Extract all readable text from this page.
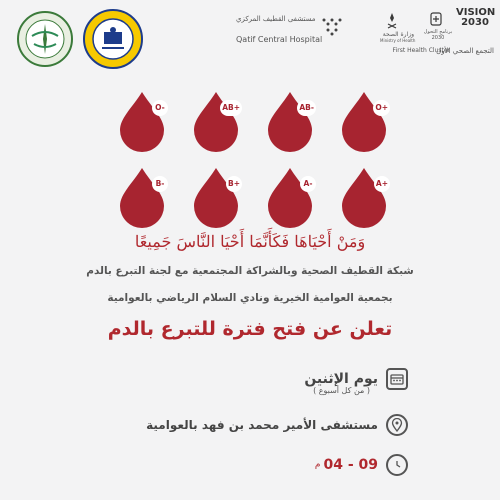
مستشفى القطيف المركزي
Qatif Central Hospital
وزارة الصحة
Ministry of Health
برنامج التحول
2030
VISION 2030
التجمع الصحي الأول
First Health Cluster
O-	AB+	AB-	O+
B-	B+	A-	A+
وَمَنْ أَحْيَاهَا فَكَأَنَّمَا أَحْيَا النَّاسَ جَمِيعًا
شبكة القطيف الصحية وبالشراكة المجتمعية مع لجنة التبرع بالدم
بجمعية العوامية الخيرية ونادي السلام الرياضي بالعوامية
تعلن عن فتح فترة للتبرع بالدم
يوم الإثنين
( من كل أسبوع )
مستشفى الأمير محمد بن فهد بالعوامية
04 - 09
م
